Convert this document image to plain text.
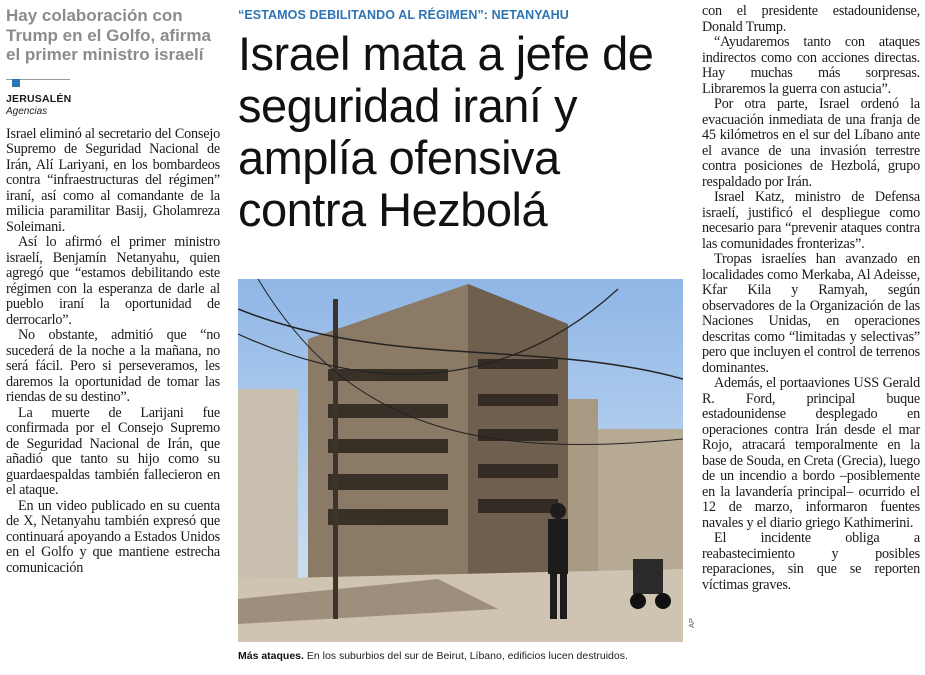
Hay colaboración con Trump en el Golfo, afirma el primer ministro israelí
JERUSALÉN
Agencias

Israel eliminó al secretario del Consejo Supremo de Seguridad Nacional de Irán, Alí Lariyani, en los bombardeos contra “infraestructuras del régimen” iraní, así como al comandante de la milicia paramilitar Basij, Gholamreza Soleimani.

Así lo afirmó el primer ministro israelí, Benjamín Netanyahu, quien agregó que “estamos debilitando este régimen con la esperanza de darle al pueblo iraní la oportunidad de derrocarlo”.

No obstante, admitió que “no sucederá de la noche a la mañana, no será fácil. Pero si perseveramos, les daremos la oportunidad de tomar las riendas de su destino”.

La muerte de Larijani fue confirmada por el Consejo Supremo de Seguridad Nacional de Irán, que añadió que tanto su hijo como su guardaespaldas también fallecieron en el ataque.

En un video publicado en su cuenta de X, Netanyahu también expresó que continuará apoyando a Estados Unidos en el Golfo y que mantiene estrecha comunicación

“ESTAMOS DEBILITANDO AL RÉGIMEN”: NETANYAHU
Israel mata a jefe de seguridad iraní y amplía ofensiva contra Hezbolá
AP
Más ataques. En los suburbios del sur de Beirut, Líbano, edificios lucen destruidos.

con el presidente estadounidense, Donald Trump.

“Ayudaremos tanto con ataques indirectos como con acciones directas. Hay muchas más sorpresas. Libraremos la guerra con astucia”.

Por otra parte, Israel ordenó la evacuación inmediata de una franja de 45 kilómetros en el sur del Líbano ante el avance de una invasión terrestre contra posiciones de Hezbolá, grupo respaldado por Irán.

Israel Katz, ministro de Defensa israelí, justificó el despliegue como necesario para “prevenir ataques contra las comunidades fronterizas”.

Tropas israelíes han avanzado en localidades como Merkaba, Al Adeisse, Kfar Kila y Ramyah, según observadores de la Organización de las Naciones Unidas, en operaciones descritas como “limitadas y selectivas” pero que incluyen el control de terrenos dominantes.

Además, el portaaviones USS Gerald R. Ford, principal buque estadounidense desplegado en operaciones contra Irán desde el mar Rojo, atracará temporalmente en la base de Souda, en Creta (Grecia), luego de un incendio a bordo –posiblemente en la lavandería principal– ocurrido el 12 de marzo, informaron fuentes navales y el diario griego Kathimerini.

El incidente obliga a reabastecimiento y posibles reparaciones, sin que se reporten víctimas graves.
